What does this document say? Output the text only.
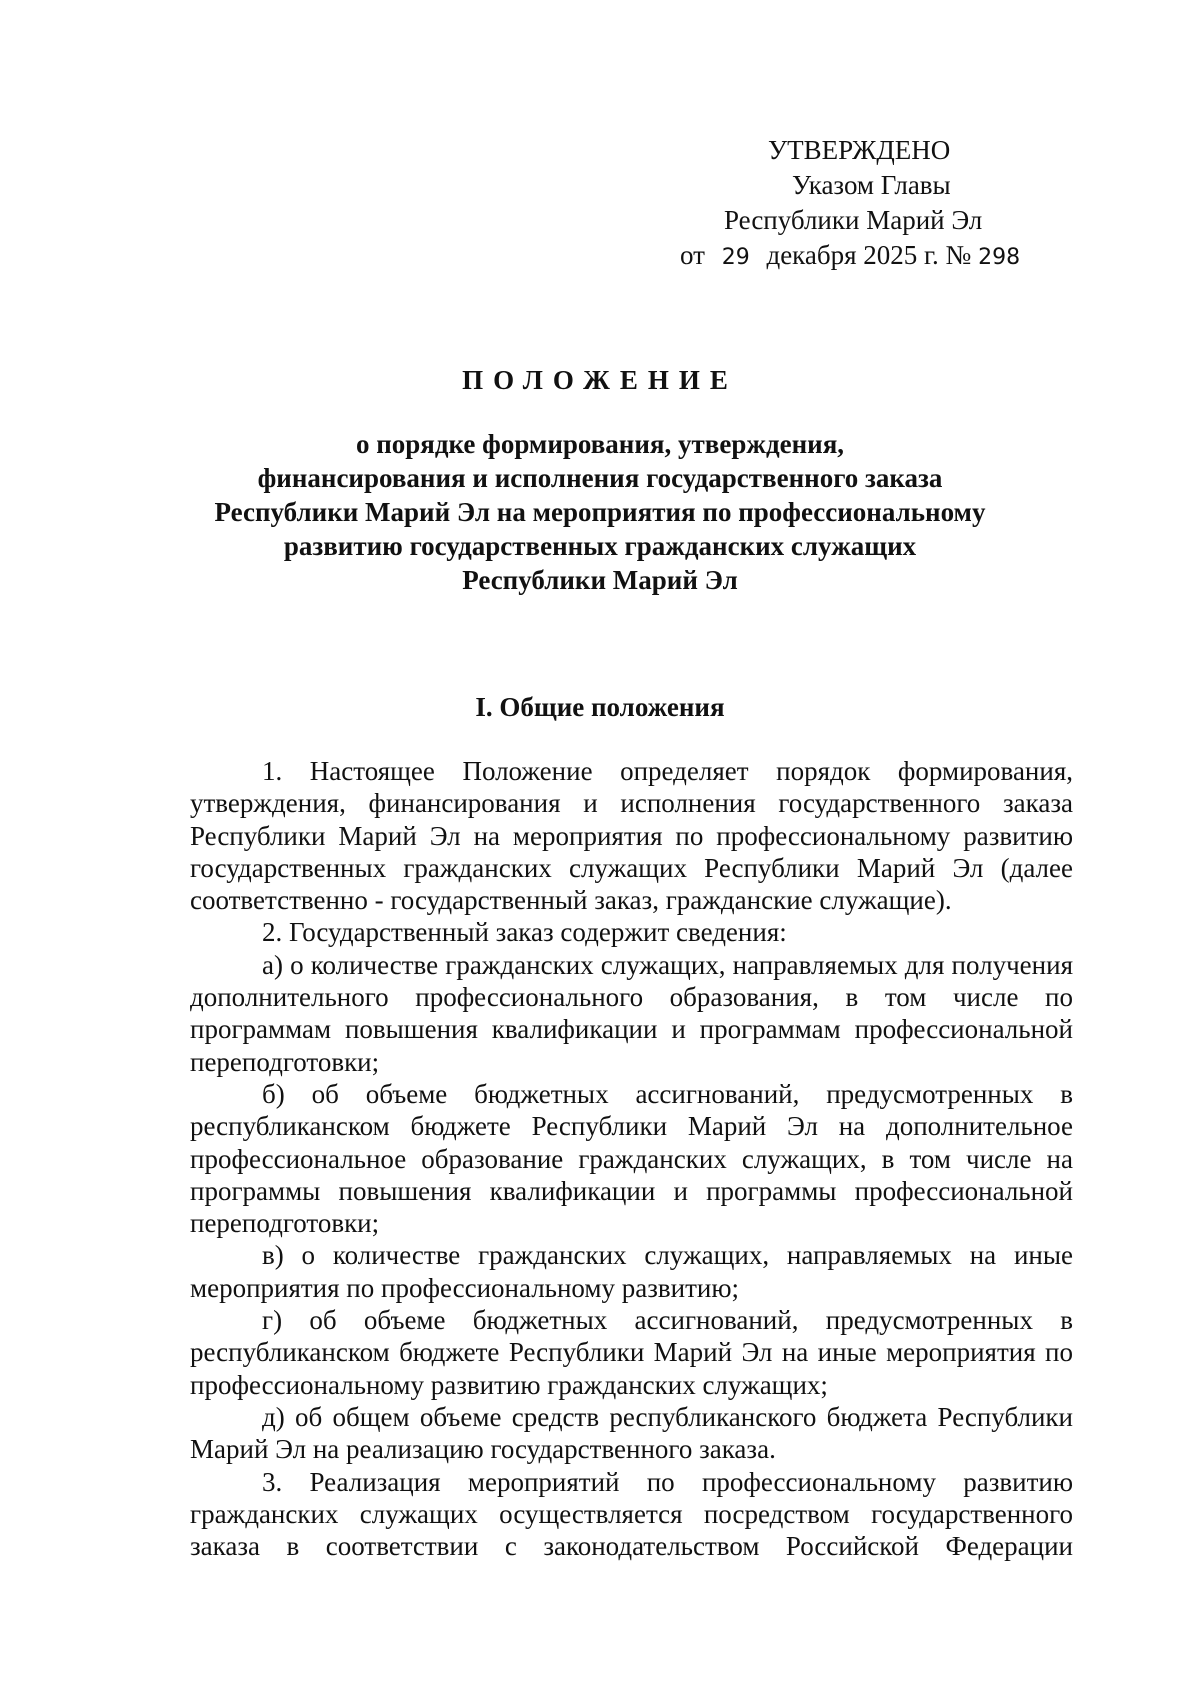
УТВЕРЖДЕНО
Указом Главы
Республики Марий Эл
от 29 декабря 2025 г. № 298
ПОЛОЖЕНИЕ
о порядке формирования, утверждения,
финансирования и исполнения государственного заказа
Республики Марий Эл на мероприятия по профессиональному
развитию государственных гражданских служащих
Республики Марий Эл
I. Общие положения

1. Настоящее Положение определяет порядок формирования, утверждения, финансирования и исполнения государственного заказа Республики Марий Эл на мероприятия по профессиональному развитию государственных гражданских служащих Республики Марий Эл (далее соответственно - государственный заказ, гражданские служащие).

2. Государственный заказ содержит сведения:

а) о количестве гражданских служащих, направляемых для получения дополнительного профессионального образования, в том числе по программам повышения квалификации и программам профессиональной переподготовки;

б) об объеме бюджетных ассигнований, предусмотренных в республиканском бюджете Республики Марий Эл на дополнительное профессиональное образование гражданских служащих, в том числе на программы повышения квалификации и программы профессиональной переподготовки;

в) о количестве гражданских служащих, направляемых на иные мероприятия по профессиональному развитию;

г) об объеме бюджетных ассигнований, предусмотренных в республиканском бюджете Республики Марий Эл на иные мероприятия по профессиональному развитию гражданских служащих;

д) об общем объеме средств республиканского бюджета Республики Марий Эл на реализацию государственного заказа.

3. Реализация мероприятий по профессиональному развитию гражданских служащих осуществляется посредством государственного заказа в соответствии с законодательством Российской Федерации
